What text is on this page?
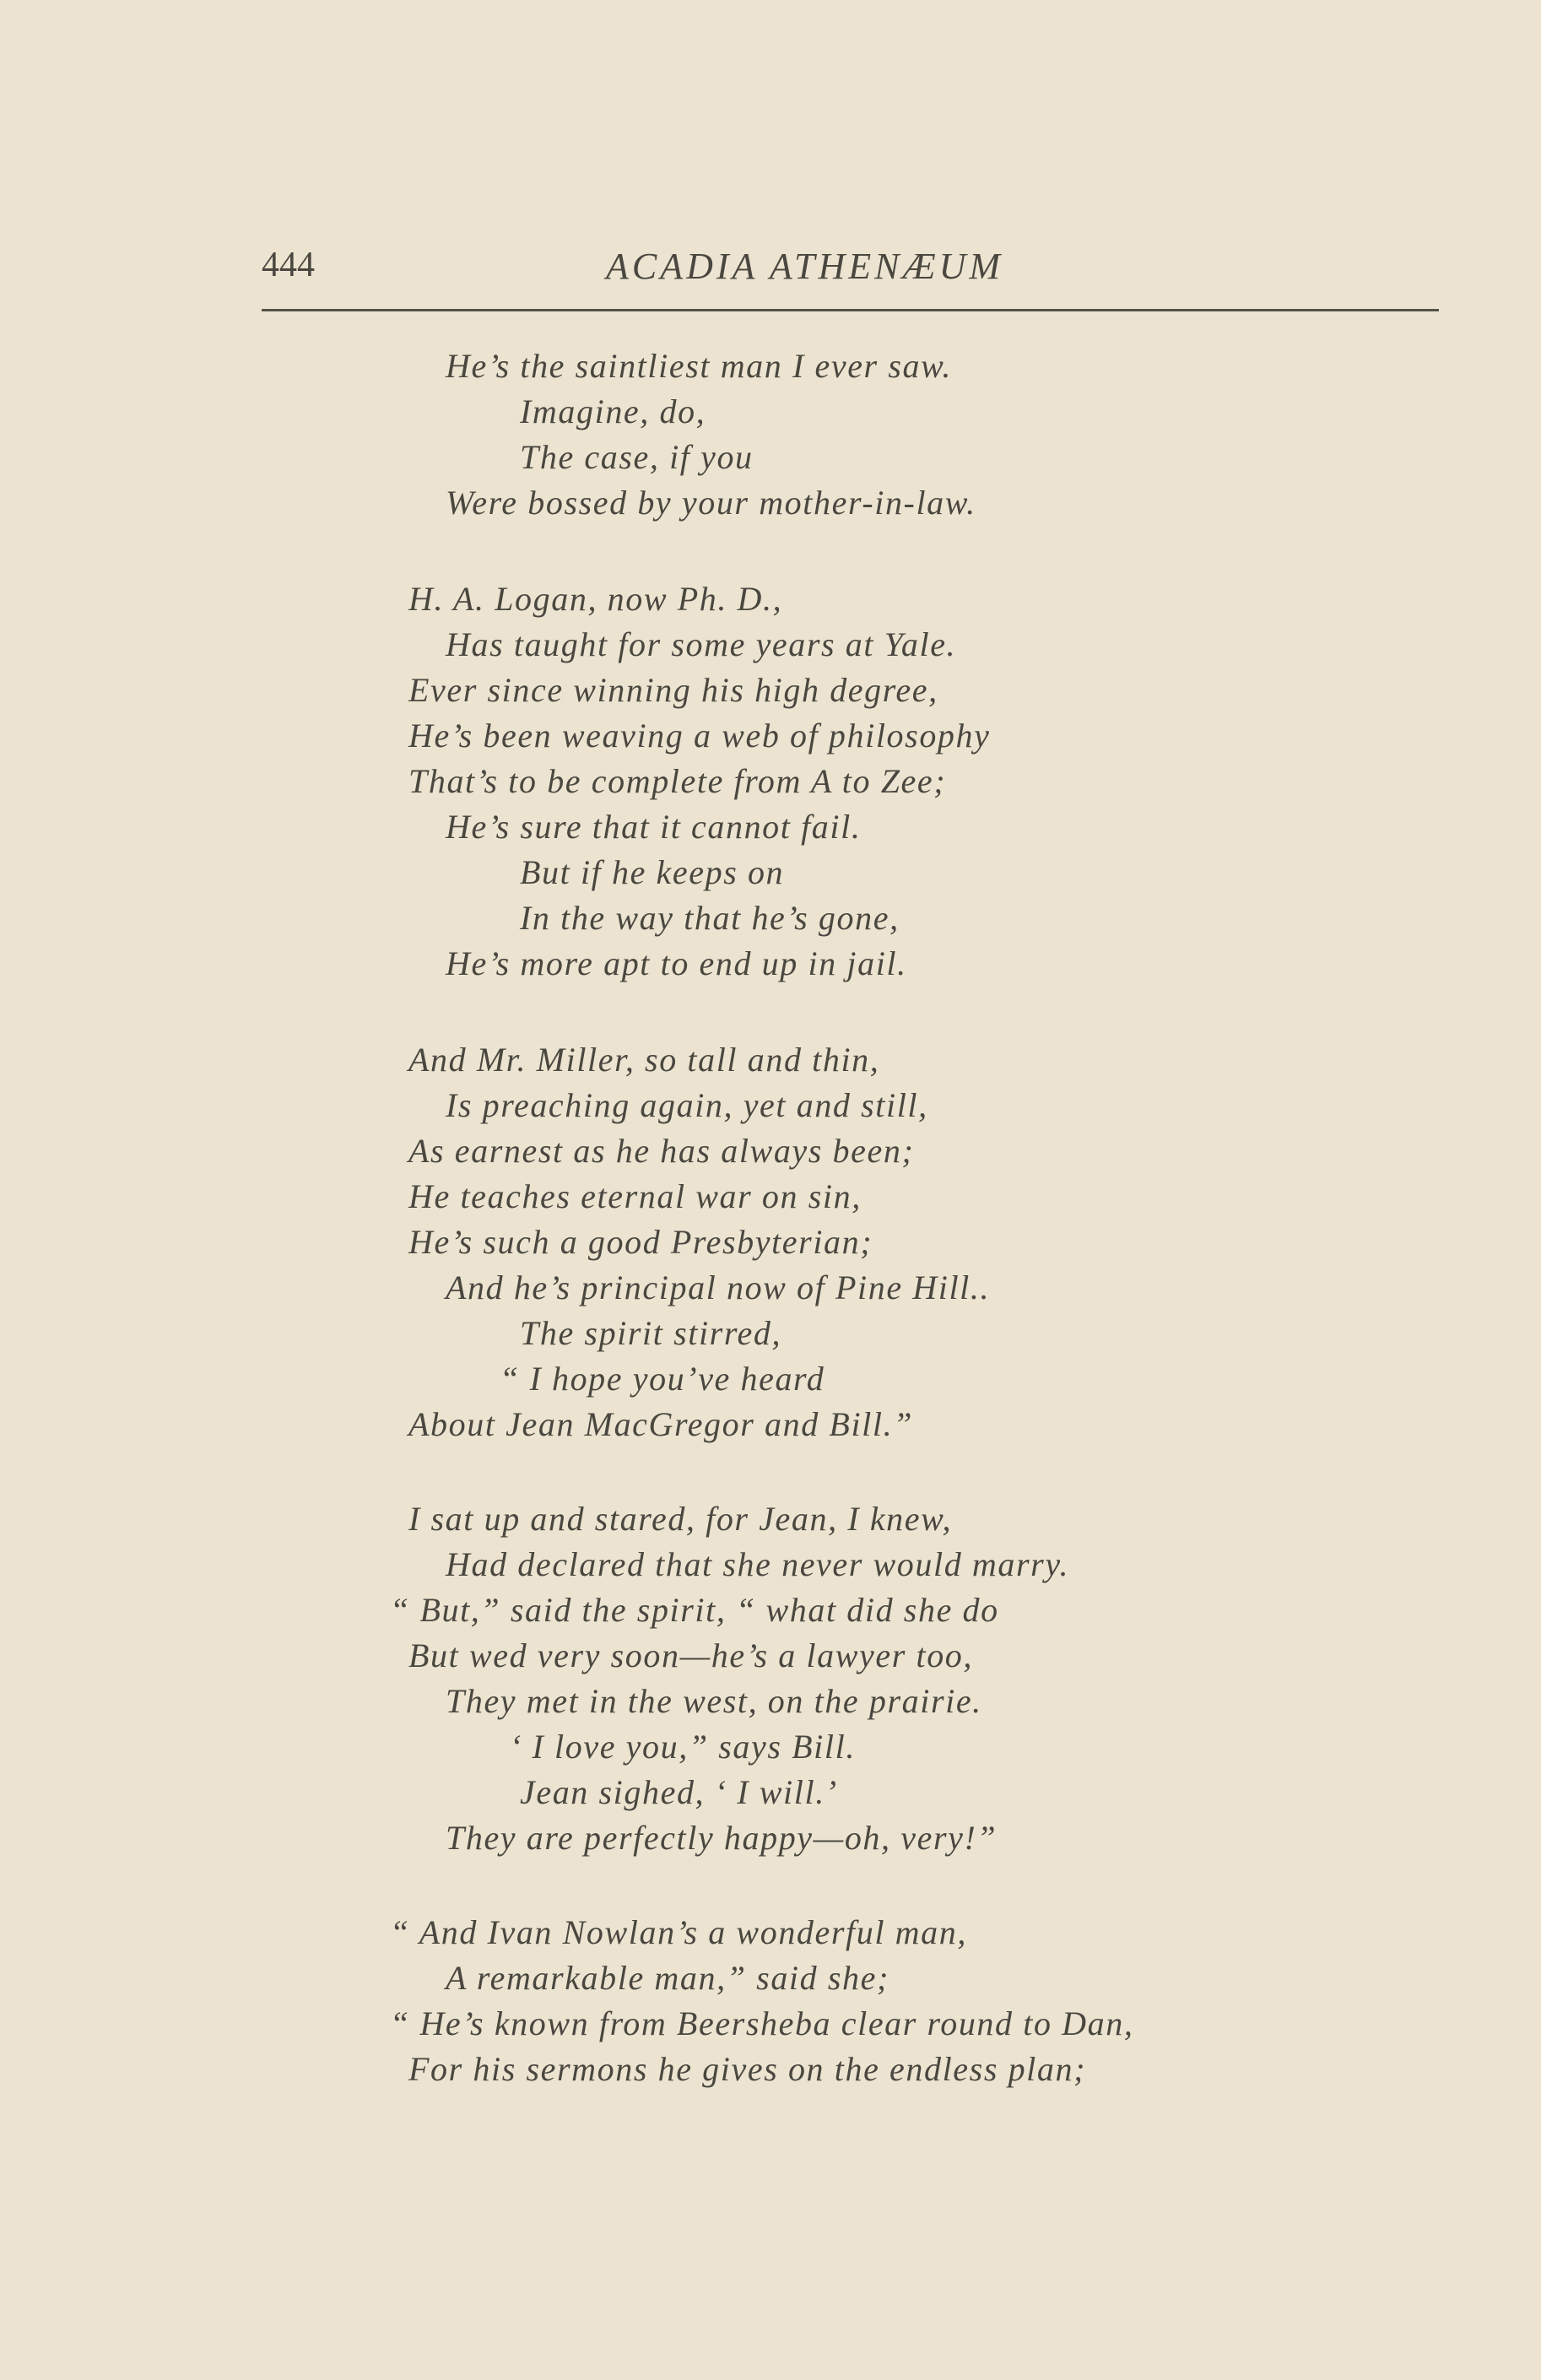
444	ACADIA ATHENÆUM
He’s the saintliest man I ever saw.
Imagine, do,
The case, if you
Were bossed by your mother-in-law.
H. A. Logan, now Ph. D.,
Has taught for some years at Yale.
Ever since winning his high degree,
He’s been weaving a web of philosophy
That’s to be complete from A to Zee;
He’s sure that it cannot fail.
But if he keeps on
In the way that he’s gone,
He’s more apt to end up in jail.
And Mr. Miller, so tall and thin,
Is preaching again, yet and still,
As earnest as he has always been;
He teaches eternal war on sin,
He’s such a good Presbyterian;
And he’s principal now of Pine Hill..
The spirit stirred,
“ I hope you’ve heard
About Jean MacGregor and Bill.”
I sat up and stared, for Jean, I knew,
Had declared that she never would marry.
“ But,” said the spirit, “ what did she do
But wed very soon—he’s a lawyer too,
They met in the west, on the prairie.
‘ I love you,” says Bill.
Jean sighed, ‘ I will.’
They are perfectly happy—oh, very!”
“ And Ivan Nowlan’s a wonderful man,
A remarkable man,” said she;
“ He’s known from Beersheba clear round to Dan,
For his sermons he gives on the endless plan;
